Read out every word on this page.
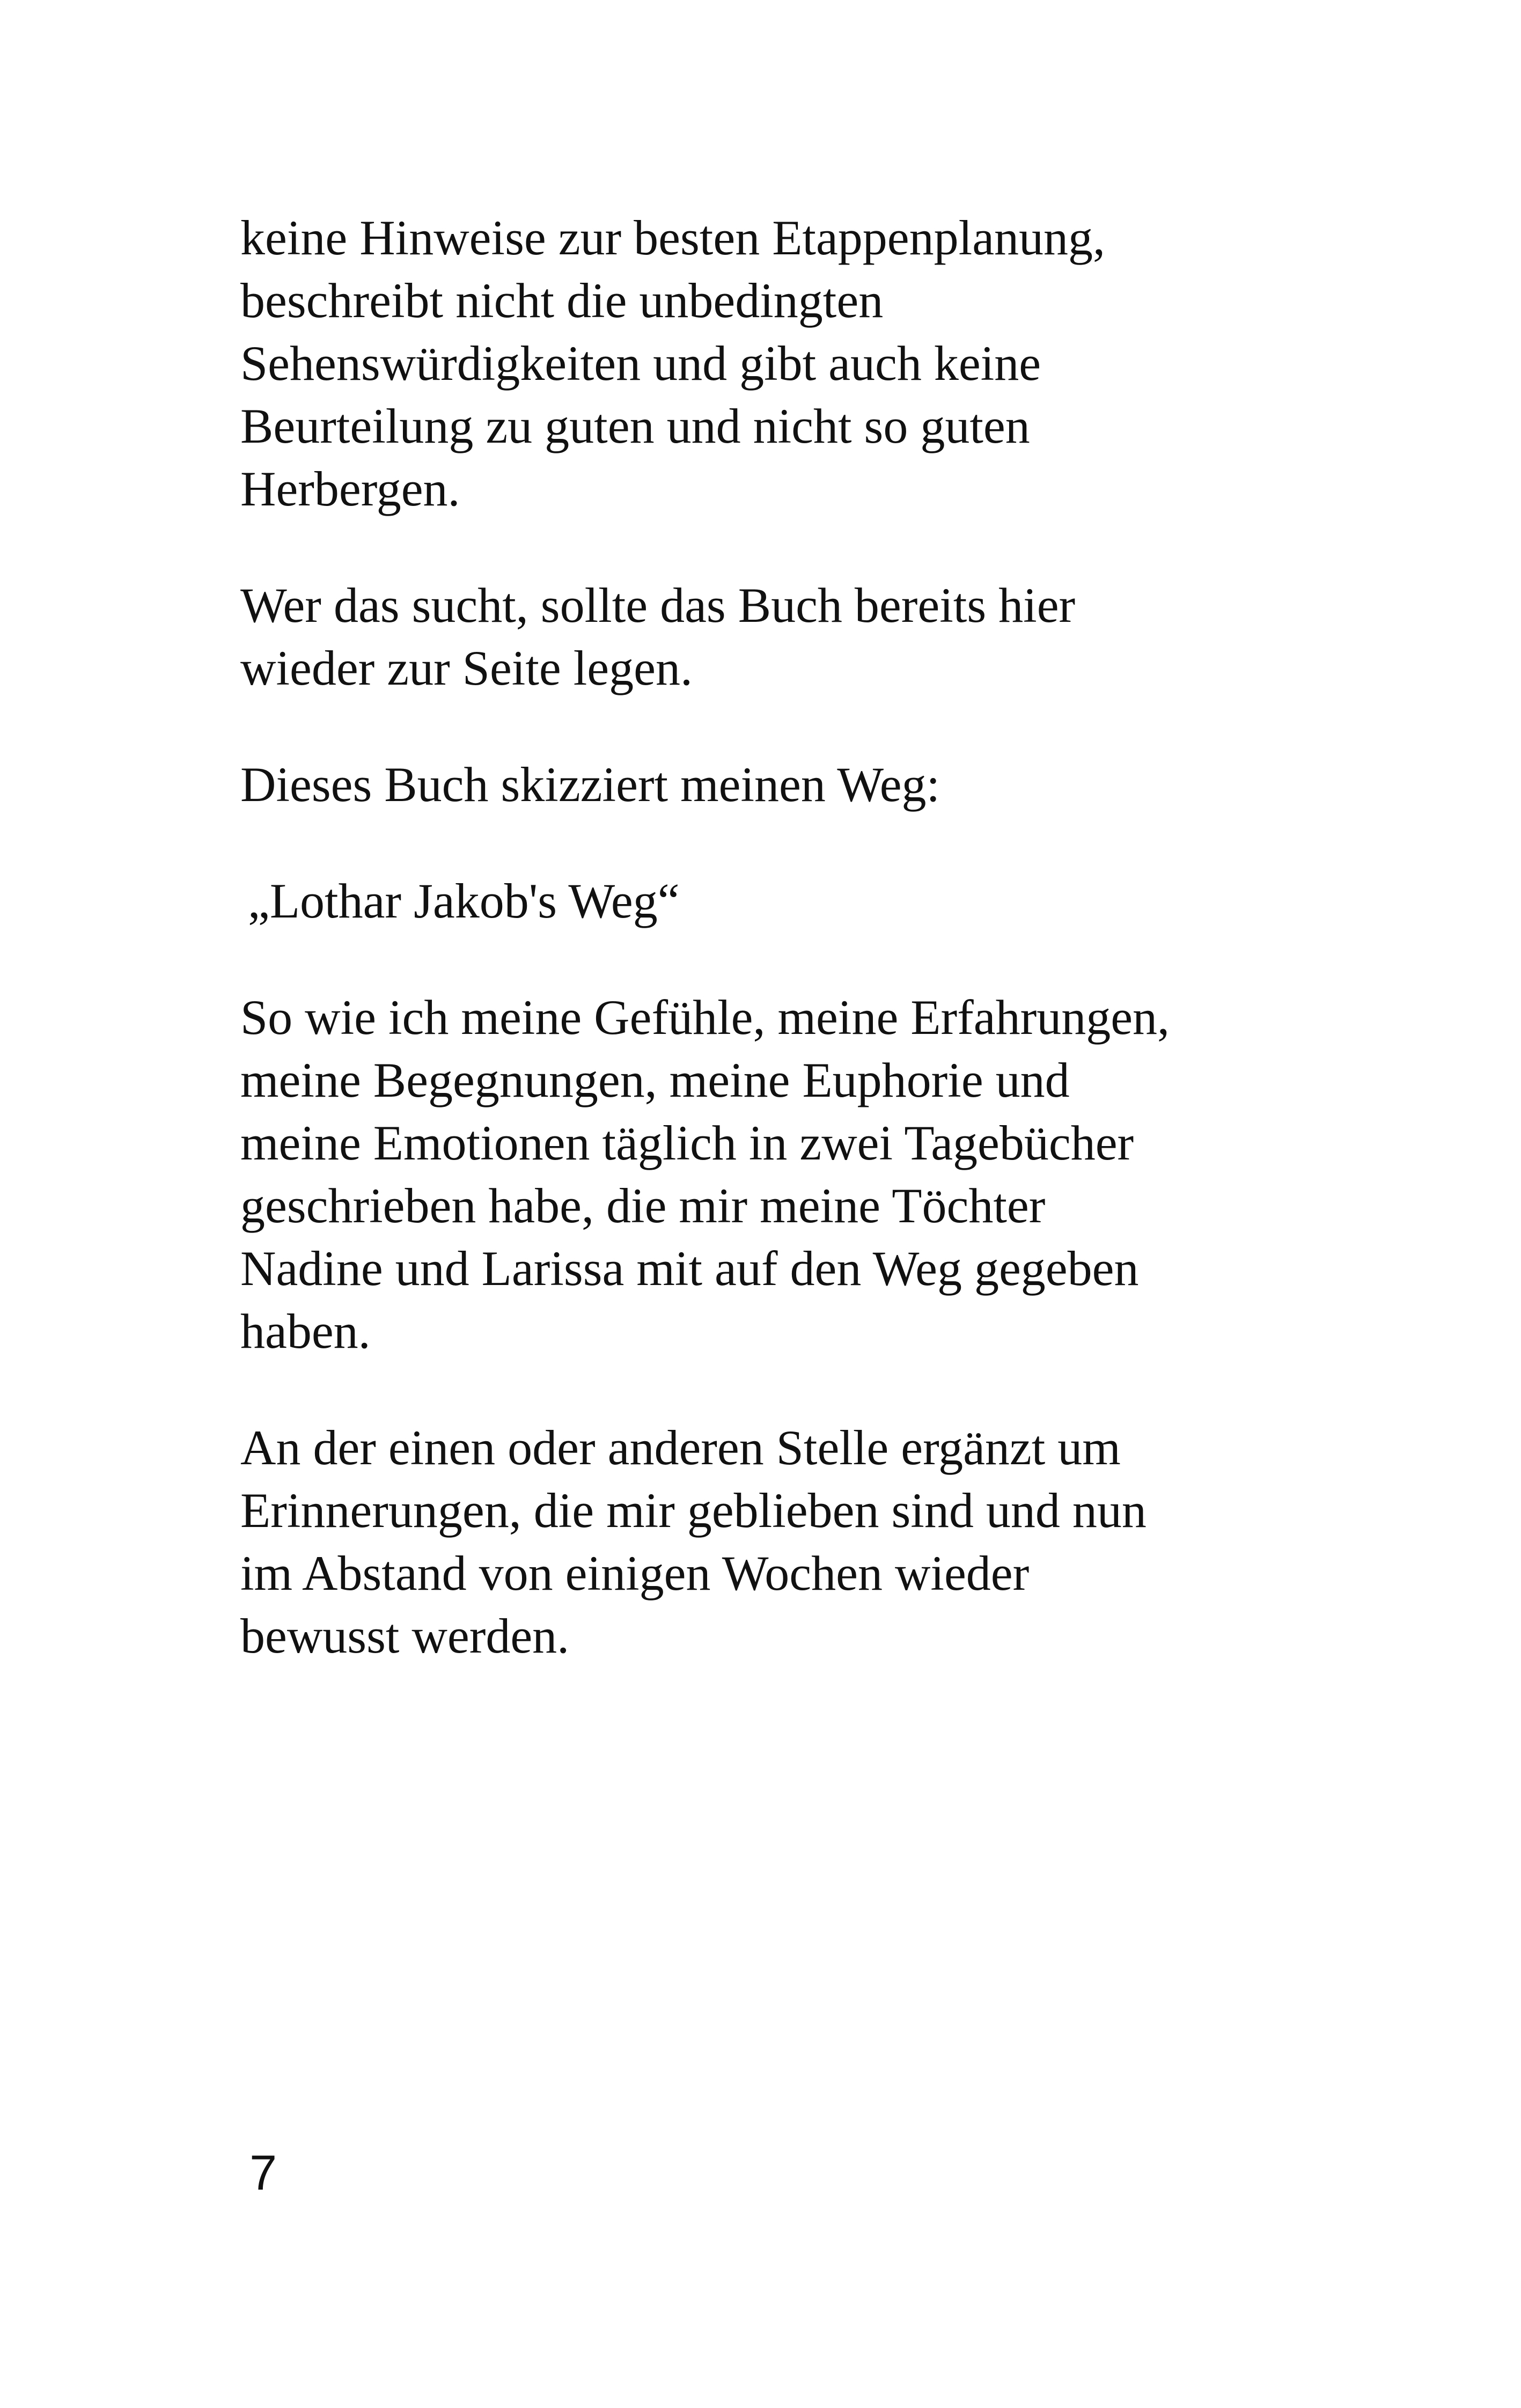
keine Hinweise zur besten Etappenplanung,
beschreibt nicht die unbedingten
Sehenswürdigkeiten und gibt auch keine
Beurteilung zu guten und nicht so guten
Herbergen.
Wer das sucht, sollte das Buch bereits hier
wieder zur Seite legen.
Dieses Buch skizziert meinen Weg:
„Lothar Jakob's Weg“
So wie ich meine Gefühle, meine Erfahrungen,
meine Begegnungen, meine Euphorie und
meine Emotionen täglich in zwei Tagebücher
geschrieben habe, die mir meine Töchter
Nadine und Larissa mit auf den Weg gegeben
haben.
An der einen oder anderen Stelle ergänzt um
Erinnerungen, die mir geblieben sind und nun
im Abstand von einigen Wochen wieder
bewusst werden.
7
